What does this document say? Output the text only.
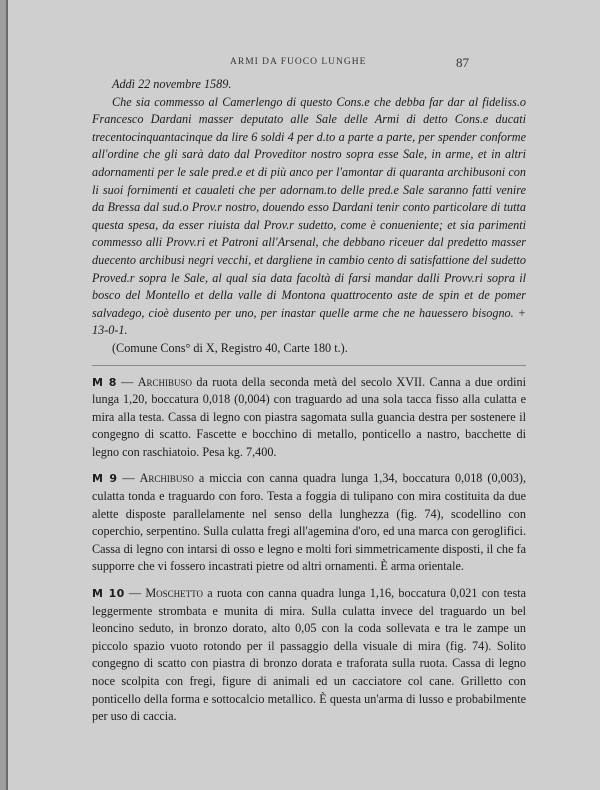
ARMI DA FUOCO LUNGHE	87

Addì 22 novembre 1589.

Che sia commesso al Camerlengo di questo Cons.e che debba far dar al fideliss.o Francesco Dardani masser deputato alle Sale delle Armi di detto Cons.e ducati trecentocinquantacinque da lire 6 soldi 4 per d.to a parte a parte, per spender conforme all'ordine che gli sarà dato dal Proveditor nostro sopra esse Sale, in arme, et in altri adornamenti per le sale pred.e et di più anco per l'amontar di quaranta archibusoni con li suoi fornimenti et caualeti che per adornam.to delle pred.e Sale saranno fatti venire da Bressa dal sud.o Prov.r nostro, douendo esso Dardani tenir conto particolare di tutta questa spesa, da esser riuista dal Prov.r sudetto, come è conueniente; et sia parimenti commesso alli Provv.ri et Patroni all'Arsenal, che debbano riceuer dal predetto masser duecento archibusi negri vecchi, et dargliene in cambio cento di satisfattione del sudetto Proved.r sopra le Sale, al qual sia data facoltà di farsi mandar dalli Provv.ri sopra il bosco del Montello et della valle di Montona quattrocento aste de spin et de pomer salvadego, cioè dusento per uno, per inastar quelle arme che ne hauessero bisogno. + 13-0-1.

(Comune Cons° di X, Registro 40, Carte 180 t.).

M 8 — Archibuso da ruota della seconda metà del secolo XVII. Canna a due ordini lunga 1,20, boccatura 0,018 (0,004) con traguardo ad una sola tacca fisso alla culatta e mira alla testa. Cassa di legno con piastra sagomata sulla guancia destra per sostenere il congegno di scatto. Fascette e bocchino di metallo, ponticello a nastro, bacchette di legno con raschiatoio. Pesa kg. 7,400.

M 9 — Archibuso a miccia con canna quadra lunga 1,34, boccatura 0,018 (0,003), culatta tonda e traguardo con foro. Testa a foggia di tulipano con mira costituita da due alette disposte parallelamente nel senso della lunghezza (fig. 74), scodellino con coperchio, serpentino. Sulla culatta fregi all'agemina d'oro, ed una marca con geroglifici. Cassa di legno con intarsi di osso e legno e molti fori simmetricamente disposti, il che fa supporre che vi fossero incastrati pietre od altri ornamenti. È arma orientale.

M 10 — Moschetto a ruota con canna quadra lunga 1,16, boccatura 0,021 con testa leggermente strombata e munita di mira. Sulla culatta invece del traguardo un bel leoncino seduto, in bronzo dorato, alto 0,05 con la coda sollevata e tra le zampe un piccolo spazio vuoto rotondo per il passaggio della visuale di mira (fig. 74). Solito congegno di scatto con piastra di bronzo dorata e traforata sulla ruota. Cassa di legno noce scolpita con fregi, figure di animali ed un cacciatore col cane. Grilletto con ponticello della forma e sottocalcio metallico. È questa un'arma di lusso e probabilmente per uso di caccia.
